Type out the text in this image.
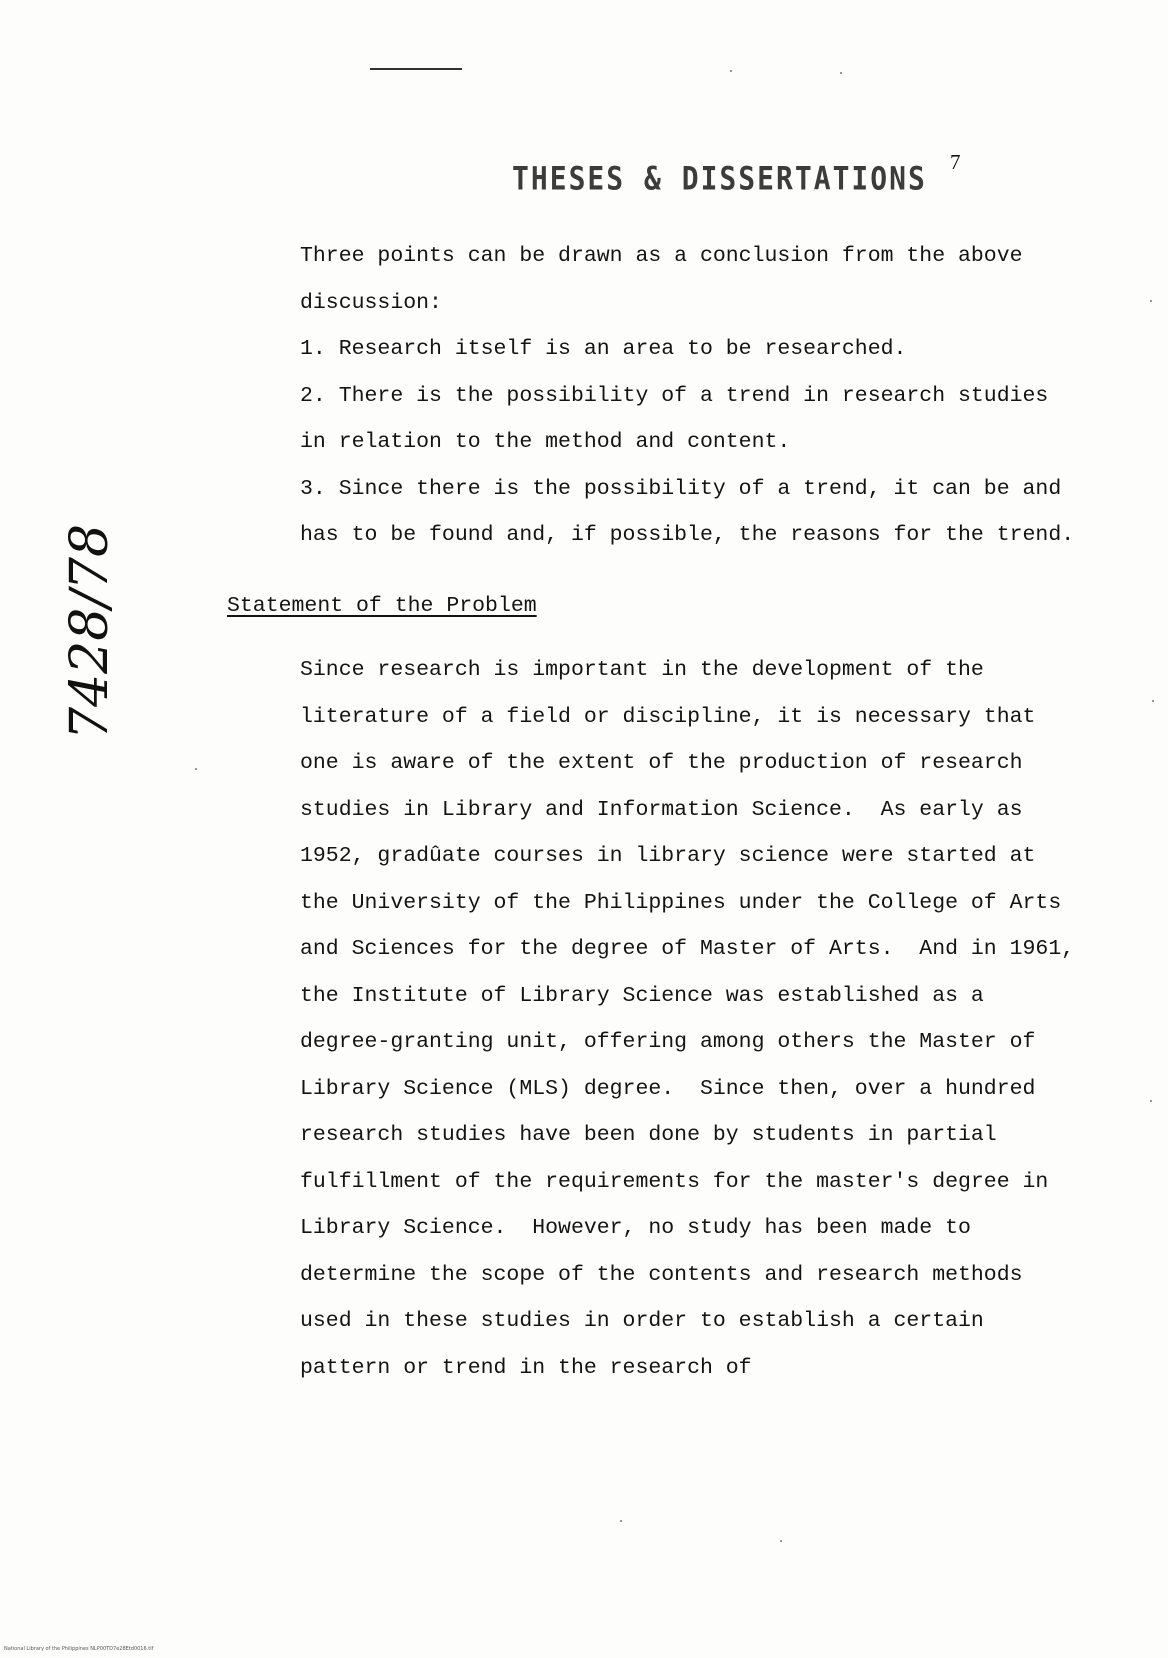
THESES & DISSERTATIONS 7
7428/78

Three points can be drawn as a conclusion from the above discussion:

1. Research itself is an area to be researched.

2. There is the possibility of a trend in research studies in relation to the method and content.

3. Since there is the possibility of a trend, it can be and has to be found and, if possible, the reasons for the trend.

Statement of the Problem

Since research is important in the development of the literature of a field or discipline, it is necessary that one is aware of the extent of the production of research studies in Library and Information Science.  As early as 1952, gradûate courses in library science were started at the University of the Philippines under the College of Arts and Sciences for the degree of Master of Arts.  And in 1961, the Institute of Library Science was established as a degree-granting unit, offering among others the Master of Library Science (MLS) degree.  Since then, over a hundred research studies have been done by students in partial fulfillment of the requirements for the master's degree in Library Science.  However, no study has been made to determine the scope of the contents and research methods used in these studies in order to establish a certain pattern or trend in the research of

National Library of the Philippines NLP00TD7e28Etd0016.tif
